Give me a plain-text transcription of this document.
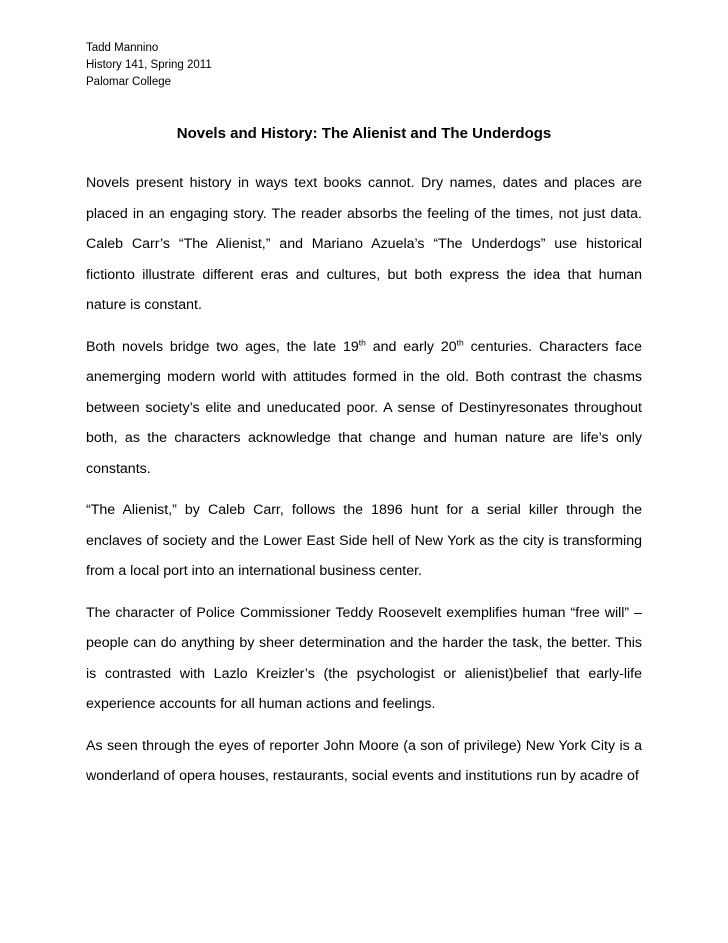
Tadd Mannino
History 141, Spring 2011
Palomar College
Novels and History: The Alienist and The Underdogs

Novels present history in ways text books cannot. Dry names, dates and places are placed in an engaging story. The reader absorbs the feeling of the times, not just data. Caleb Carr’s “The Alienist,” and Mariano Azuela’s “The Underdogs” use historical fictionto illustrate different eras and cultures, but both express the idea that human nature is constant.

Both novels bridge two ages, the late 19th and early 20th centuries. Characters face anemerging modern world with attitudes formed in the old. Both contrast the chasms between society’s elite and uneducated poor. A sense of Destinyresonates throughout both, as the characters acknowledge that change and human nature are life’s only constants.

“The Alienist,” by Caleb Carr, follows the 1896 hunt for a serial killer through the enclaves of society and the Lower East Side hell of New York as the city is transforming from a local port into an international business center.

The character of Police Commissioner Teddy Roosevelt exemplifies human “free will” – people can do anything by sheer determination and the harder the task, the better. This is contrasted with Lazlo Kreizler’s (the psychologist or alienist)belief that early-life experience accounts for all human actions and feelings.

As seen through the eyes of reporter John Moore (a son of privilege) New York City is a wonderland of opera houses, restaurants, social events and institutions run by acadre of
